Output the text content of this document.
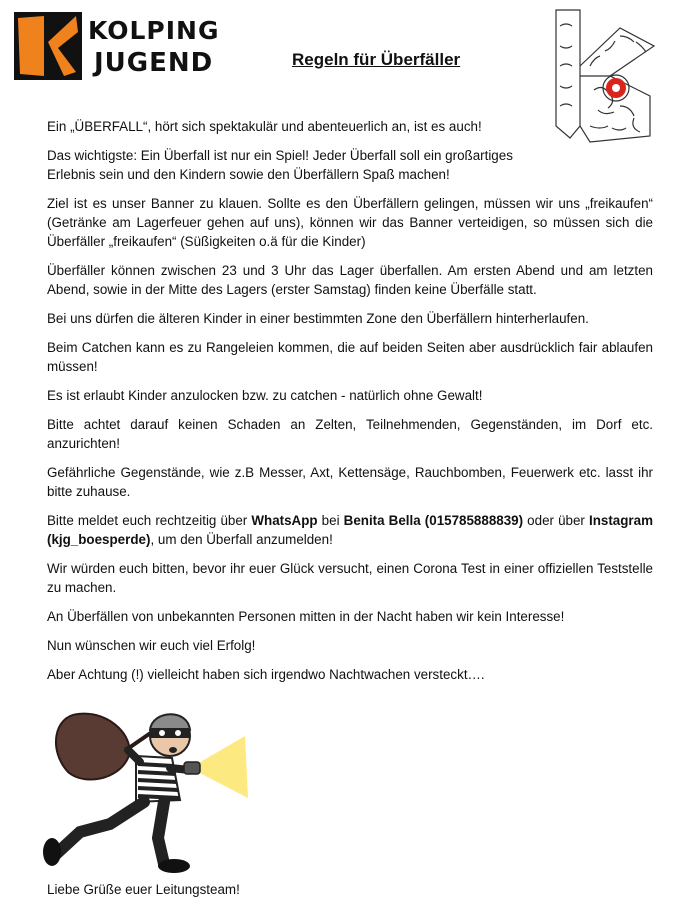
KOLPING
JUGEND	Regeln für Überfäller

Ein „ÜBERFALL“, hört sich spektakulär und abenteuerlich an, ist es auch!

Das wichtigste: Ein Überfall ist nur ein Spiel! Jeder Überfall soll ein großartiges
Erlebnis sein und den Kindern sowie den Überfällern Spaß machen!

Ziel ist es unser Banner zu klauen. Sollte es den Überfällern gelingen, müssen wir uns „freikaufen“ (Getränke am Lagerfeuer gehen auf uns), können wir das Banner verteidigen, so müssen sich die Überfäller „freikaufen“ (Süßigkeiten o.ä für die Kinder)

Überfäller können zwischen 23 und 3 Uhr das Lager überfallen. Am ersten Abend und am letzten Abend, sowie in der Mitte des Lagers (erster Samstag) finden keine Überfälle statt.

Bei uns dürfen die älteren Kinder in einer bestimmten Zone den Überfällern hinterherlaufen.

Beim Catchen kann es zu Rangeleien kommen, die auf beiden Seiten aber ausdrücklich fair ablaufen müssen!

Es ist erlaubt Kinder anzulocken bzw. zu catchen - natürlich ohne Gewalt!

Bitte achtet darauf keinen Schaden an Zelten, Teilnehmenden, Gegenständen, im Dorf etc. anzurichten!

Gefährliche Gegenstände, wie z.B Messer, Axt, Kettensäge, Rauchbomben, Feuerwerk etc. lasst ihr bitte zuhause.

Bitte meldet euch rechtzeitig über WhatsApp bei Benita Bella (015785888839) oder über Instagram (kjg_boesperde), um den Überfall anzumelden!

Wir würden euch bitten, bevor ihr euer Glück versucht, einen Corona Test in einer offiziellen Teststelle zu machen.

An Überfällen von unbekannten Personen mitten in der Nacht haben wir kein Interesse!

Nun wünschen wir euch viel Erfolg!

Aber Achtung (!) vielleicht haben sich irgendwo Nachtwachen versteckt….

Liebe Grüße euer Leitungsteam!
